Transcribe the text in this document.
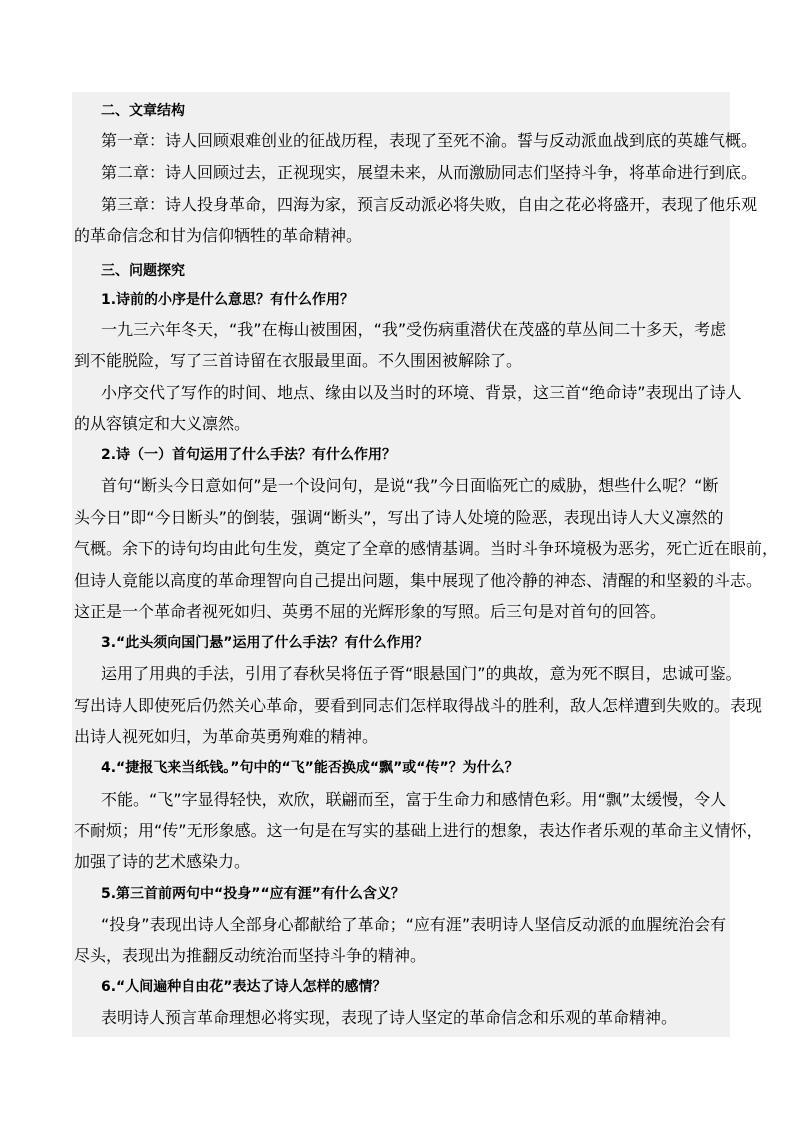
二、文章结构
第一章：诗人回顾艰难创业的征战历程，表现了至死不渝。誓与反动派血战到底的英雄气概。
第二章：诗人回顾过去，正视现实，展望未来，从而激励同志们坚持斗争，将革命进行到底。
第三章：诗人投身革命，四海为家，预言反动派必将失败，自由之花必将盛开，表现了他乐观
的革命信念和甘为信仰牺牲的革命精神。
三、问题探究
1.诗前的小序是什么意思？有什么作用？
一九三六年冬天，“我”在梅山被围困，“我”受伤病重潜伏在茂盛的草丛间二十多天，考虑
到不能脱险，写了三首诗留在衣服最里面。不久围困被解除了。
小序交代了写作的时间、地点、缘由以及当时的环境、背景，这三首“绝命诗”表现出了诗人
的从容镇定和大义凛然。
2.诗（一）首句运用了什么手法？有什么作用？
首句“断头今日意如何”是一个设问句，是说“我”今日面临死亡的威胁，想些什么呢？“断
头今日”即“今日断头”的倒装，强调“断头”，写出了诗人处境的险恶，表现出诗人大义凛然的
气概。余下的诗句均由此句生发，奠定了全章的感情基调。当时斗争环境极为恶劣，死亡近在眼前，
但诗人竟能以高度的革命理智向自己提出问题，集中展现了他冷静的神态、清醒的和坚毅的斗志。
这正是一个革命者视死如归、英勇不屈的光辉形象的写照。后三句是对首句的回答。
3.“此头须向国门悬”运用了什么手法？有什么作用？
运用了用典的手法，引用了春秋吴将伍子胥“眼悬国门”的典故，意为死不瞑目，忠诚可鉴。
写出诗人即使死后仍然关心革命，要看到同志们怎样取得战斗的胜利，敌人怎样遭到失败的。表现
出诗人视死如归，为革命英勇殉难的精神。
4.“捷报飞来当纸钱。”句中的“飞”能否换成“飘”或“传”？为什么？
不能。“飞”字显得轻快，欢欣，联翩而至，富于生命力和感情色彩。用“飘”太缓慢，令人
不耐烦；用“传”无形象感。这一句是在写实的基础上进行的想象，表达作者乐观的革命主义情怀，
加强了诗的艺术感染力。
5.第三首前两句中“投身”“应有涯”有什么含义？
“投身”表现出诗人全部身心都献给了革命；“应有涯”表明诗人坚信反动派的血腥统治会有
尽头，表现出为推翻反动统治而坚持斗争的精神。
6.“人间遍种自由花”表达了诗人怎样的感情？
表明诗人预言革命理想必将实现，表现了诗人坚定的革命信念和乐观的革命精神。
